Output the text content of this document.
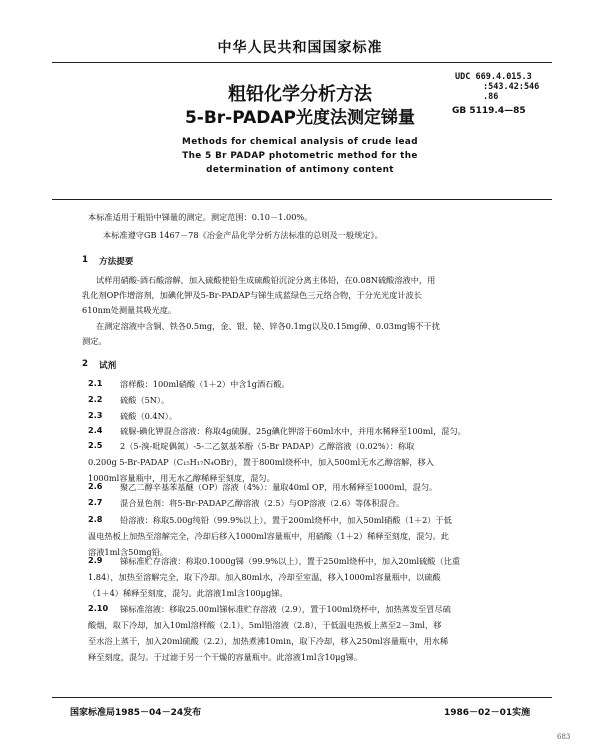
中华人民共和国国家标准
粗铅化学分析方法
5-Br-PADAP光度法测定锑量
UDC 669.4.015.3
:543.42:546
.86
GB 5119.4—85
Methods for chemical analysis of crude lead
The 5 Br PADAP photometric method for the
determination of antimony content
本标准适用于粗铅中锑量的测定。测定范围：0.10－1.00%。
本标准遵守GB 1467－78《冶金产品化学分析方法标准的总则及一般规定》。
1 方法提要
试样用硝酸-酒石酸溶解，加入硫酸使铅生成硫酸铅沉淀分离主体铅，在0.08N硫酸溶液中，用
乳化剂OP作增溶剂，加碘化钾及5-Br-PADAP与锑生成蓝绿色三元络合物，于分光光度计波长
610nm处测量其吸光度。
在测定溶液中含铜、铁各0.5mg，金、银、铋、锌各0.1mg以及0.15mg砷、0.03mg锡不干扰
测定。
2 试剂
2.1 溶样酸：100ml硝酸（1＋2）中含1g酒石酸。
2.2 硫酸（5N）。
2.3 硫酸（0.4N）。
2.4 硫脲-碘化钾混合溶液：称取4g硫脲、25g碘化钾溶于60ml水中，并用水稀释至100ml，混匀。
2.5 2（5-溴-吡啶偶氮）-5-二乙氨基苯酚（5-Br PADAP）乙醇溶液（0.02%）：称取
0.200g 5-Br-PADAP（C₁₅H₁₇N₄OBr），置于800ml烧杯中，加入500ml无水乙醇溶解，移入
1000ml容量瓶中，用无水乙醇稀释至刻度，混匀。
2.6 聚乙二醇辛基苯基醚（OP）溶液（4%）：量取40ml OP，用水稀释至1000ml，混匀。
2.7 混合显色剂：将5-Br-PADAP乙醇溶液（2.5）与OP溶液（2.6）等体积混合。
2.8 铅溶液：称取5.00g纯铅（99.9%以上），置于200ml烧杯中，加入50ml硝酸（1＋2）于低
温电热板上加热至溶解完全，冷却后移入1000ml容量瓶中，用硝酸（1＋2）稀释至刻度，混匀。此
溶液1ml含50mg铅。
2.9 锑标准贮存溶液：称取0.1000g锑（99.9%以上），置于250ml烧杯中，加入20ml硫酸（比重
1.84），加热至溶解完全，取下冷却。加入80ml水，冷却至室温，移入1000ml容量瓶中，以硫酸
（1＋4）稀释至刻度，混匀。此溶液1ml含100μg锑。
2.10 锑标准溶液：移取25.00ml锑标准贮存溶液（2.9），置于100ml烧杯中，加热蒸发至冒尽硫
酸烟，取下冷却，加入10ml溶样酸（2.1）、5ml铅溶液（2.8），于低温电热板上蒸至2－3ml，移
至水浴上蒸干，加入20ml硫酸（2.2），加热煮沸10min，取下冷却，移入250ml容量瓶中，用水稀
释至刻度，混匀。于过滤于另一个干燥的容量瓶中。此溶液1ml含10μg锑。
国家标准局1985－04－24发布	1986－02－01实施
683
